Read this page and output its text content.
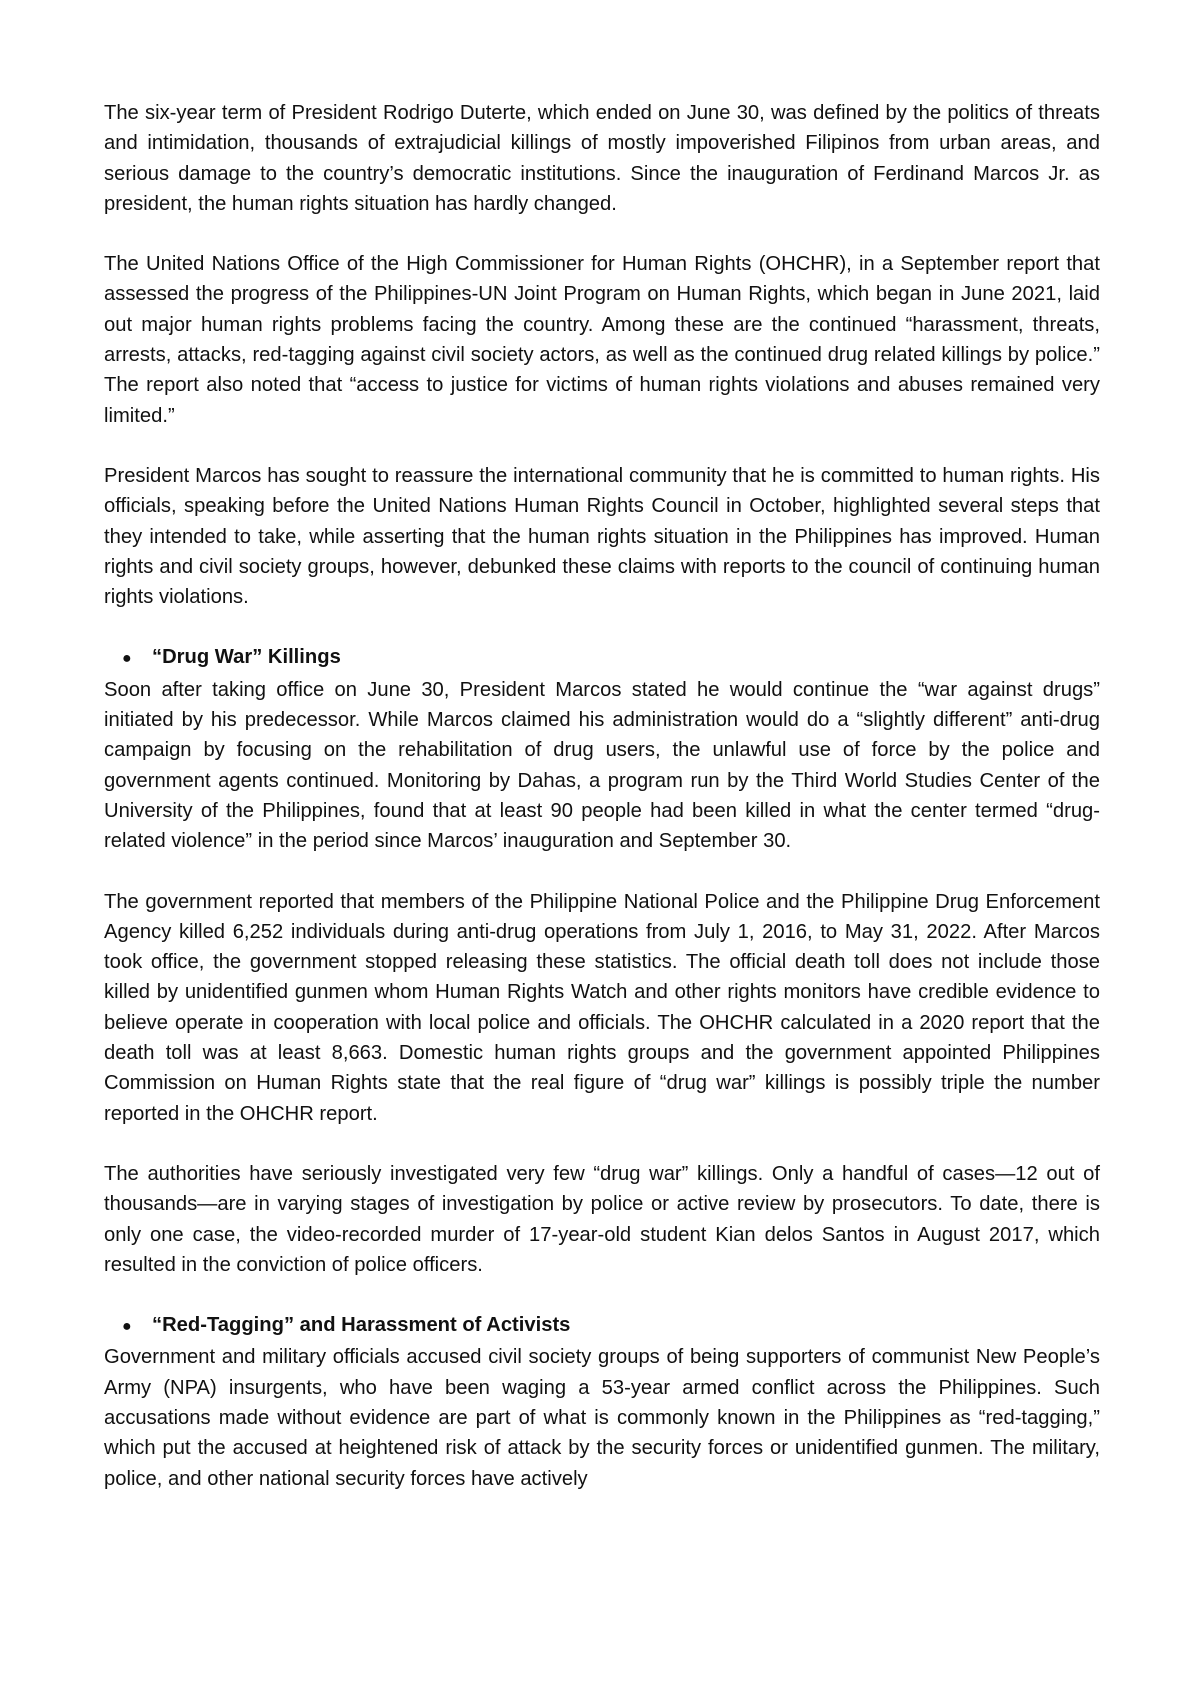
The six-year term of President Rodrigo Duterte, which ended on June 30, was defined by the politics of threats and intimidation, thousands of extrajudicial killings of mostly impoverished Filipinos from urban areas, and serious damage to the country’s democratic institutions. Since the inauguration of Ferdinand Marcos Jr. as president, the human rights situation has hardly changed.

The United Nations Office of the High Commissioner for Human Rights (OHCHR), in a September report that assessed the progress of the Philippines-UN Joint Program on Human Rights, which began in June 2021, laid out major human rights problems facing the country. Among these are the continued “harassment, threats, arrests, attacks, red-tagging against civil society actors, as well as the continued drug related killings by police.” The report also noted that “access to justice for victims of human rights violations and abuses remained very limited.”

President Marcos has sought to reassure the international community that he is committed to human rights. His officials, speaking before the United Nations Human Rights Council in October, highlighted several steps that they intended to take, while asserting that the human rights situation in the Philippines has improved. Human rights and civil society groups, however, debunked these claims with reports to the council of continuing human rights violations.

●	“Drug War” Killings

Soon after taking office on June 30, President Marcos stated he would continue the “war against drugs” initiated by his predecessor. While Marcos claimed his administration would do a “slightly different” anti-drug campaign by focusing on the rehabilitation of drug users, the unlawful use of force by the police and government agents continued. Monitoring by Dahas, a program run by the Third World Studies Center of the University of the Philippines, found that at least 90 people had been killed in what the center termed “drug-related violence” in the period since Marcos’ inauguration and September 30.

The government reported that members of the Philippine National Police and the Philippine Drug Enforcement Agency killed 6,252 individuals during anti-drug operations from July 1, 2016, to May 31, 2022. After Marcos took office, the government stopped releasing these statistics. The official death toll does not include those killed by unidentified gunmen whom Human Rights Watch and other rights monitors have credible evidence to believe operate in cooperation with local police and officials. The OHCHR calculated in a 2020 report that the death toll was at least 8,663. Domestic human rights groups and the government appointed Philippines Commission on Human Rights state that the real figure of “drug war” killings is possibly triple the number reported in the OHCHR report.

The authorities have seriously investigated very few “drug war” killings. Only a handful of cases—12 out of thousands—are in varying stages of investigation by police or active review by prosecutors. To date, there is only one case, the video-recorded murder of 17-year-old student Kian delos Santos in August 2017, which resulted in the conviction of police officers.

●	“Red-Tagging” and Harassment of Activists

Government and military officials accused civil society groups of being supporters of communist New People’s Army (NPA) insurgents, who have been waging a 53-year armed conflict across the Philippines. Such accusations made without evidence are part of what is commonly known in the Philippines as “red-tagging,” which put the accused at heightened risk of attack by the security forces or unidentified gunmen. The military, police, and other national security forces have actively
